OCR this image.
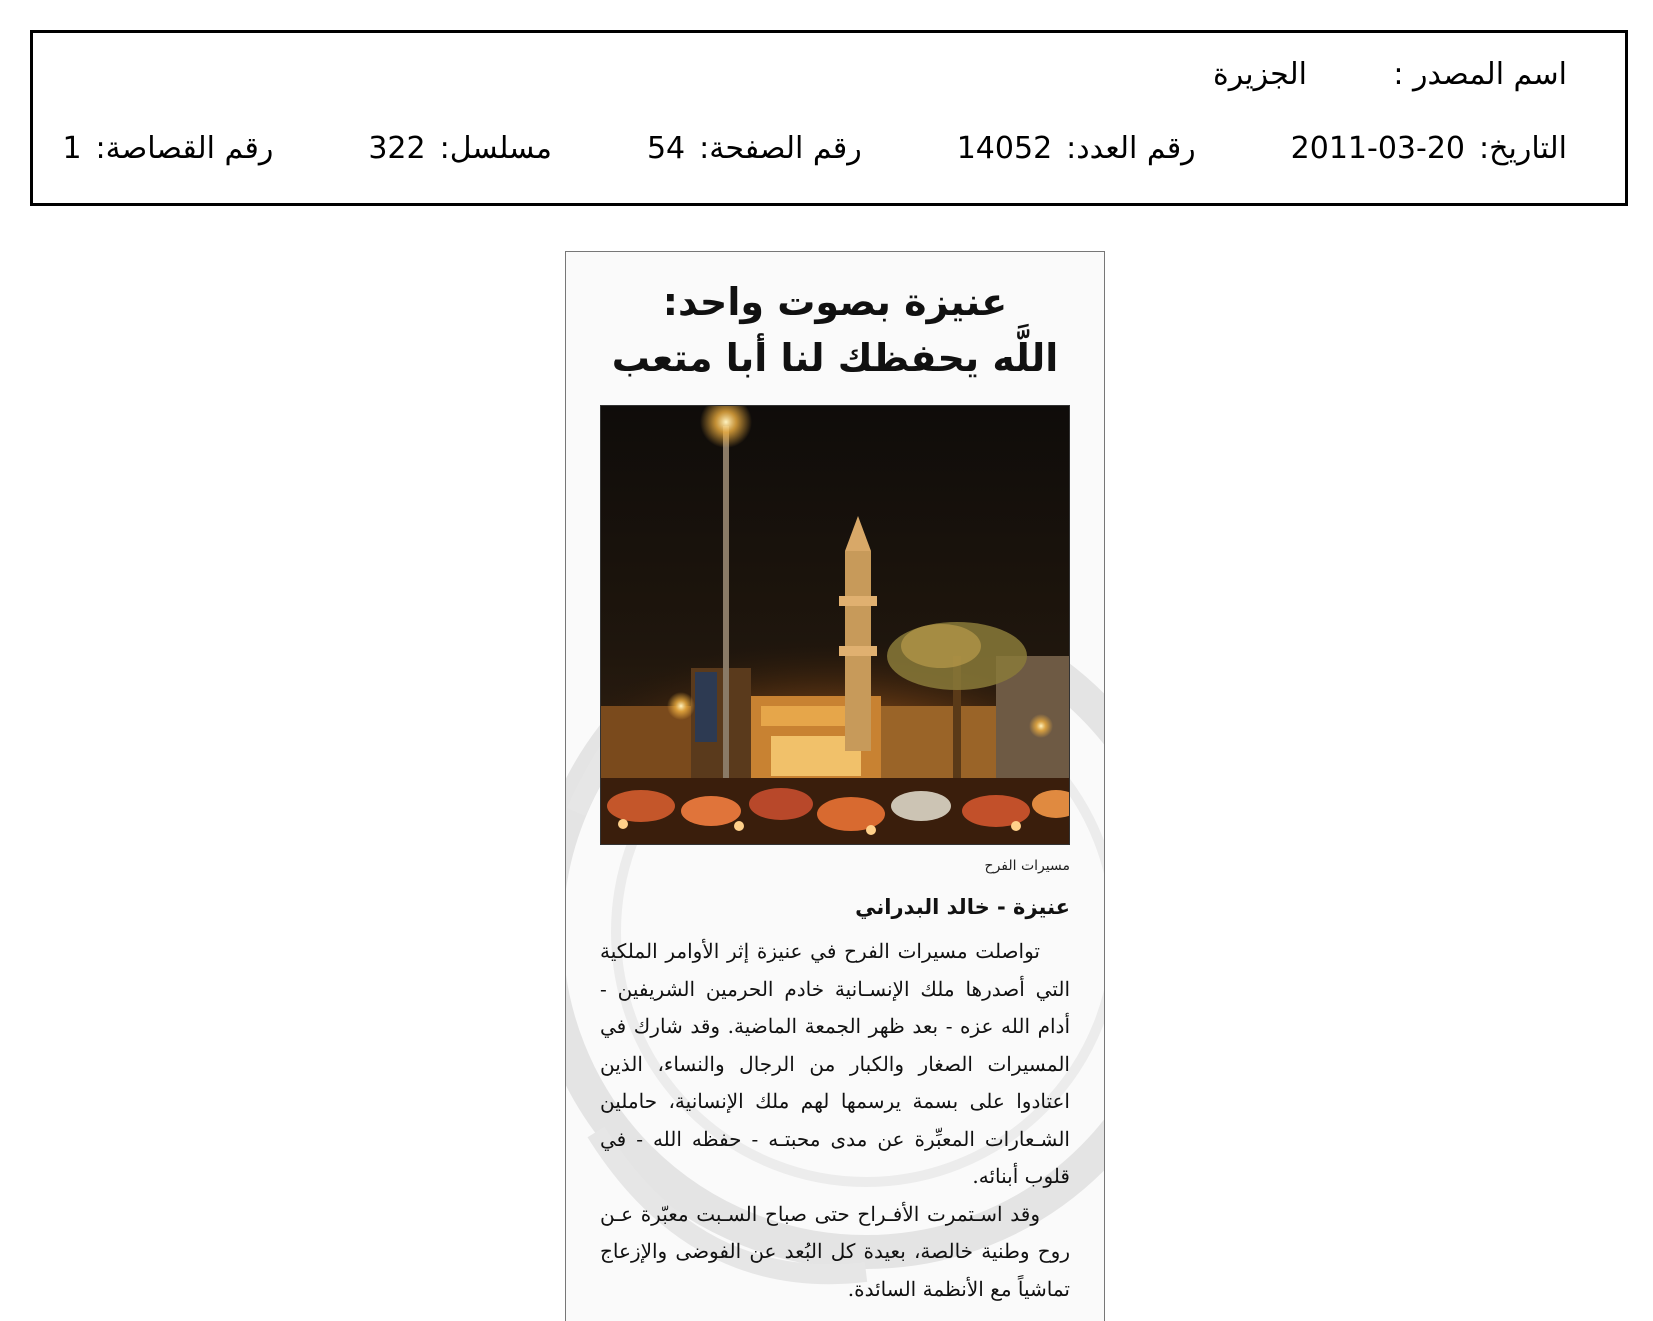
اسم المصدر :
الجزيرة
التاريخ:
2011-03-20
رقم العدد:
14052
رقم الصفحة:
54
مسلسل:
322
رقم القصاصة:
1
عنيزة بصوت واحد:
اللَّه يحفظك لنا أبا متعب
مسيرات الفرح
عنيزة - خالد البدراني

تواصلت مسيرات الفرح في عنيزة إثر الأوامر الملكية التي أصدرها ملك الإنسـانية خادم الحرمين الشريفين - أدام الله عزه - بعد ظهر الجمعة الماضية. وقد شارك في المسيرات الصغار والكبار من الرجال والنساء، الذين اعتادوا على بسمة يرسمها لهم ملك الإنسانية، حاملين الشـعارات المعبِّرة عن مدى محبتـه - حفظه الله - في قلوب أبنائه.

وقد اسـتمرت الأفـراح حتى صباح السـبت معبّرة عـن روح وطنية خالصة، بعيدة كل البُعد عن الفوضى والإزعاج تماشياً مع الأنظمة السائدة.
